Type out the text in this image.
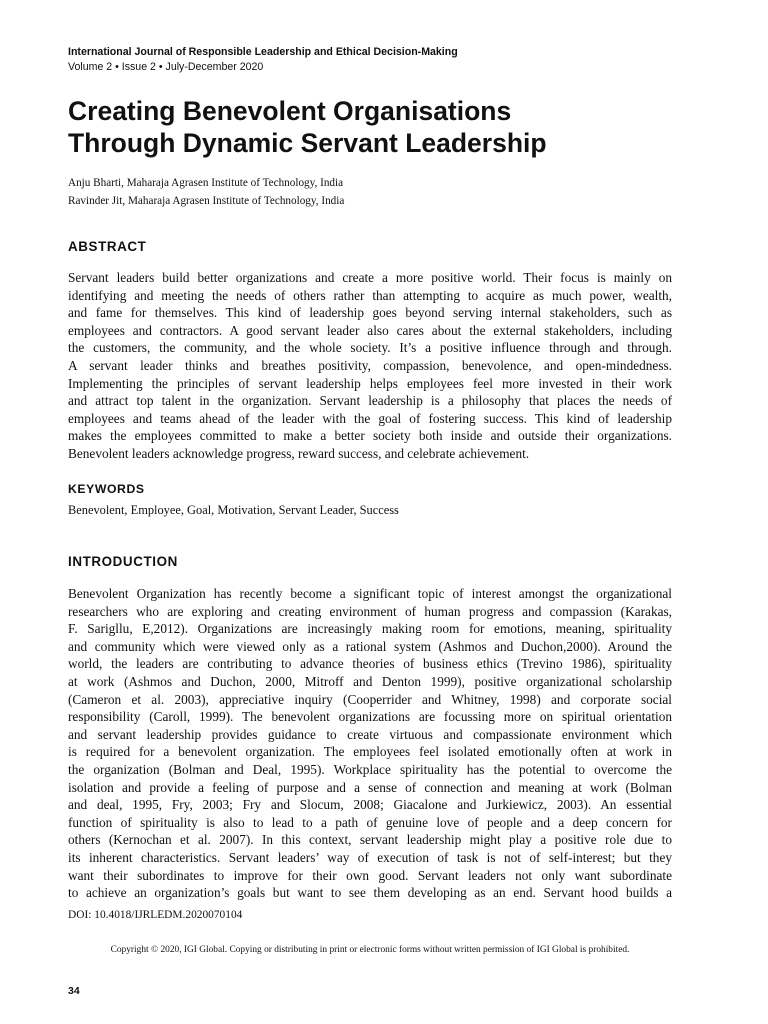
International Journal of Responsible Leadership and Ethical Decision-Making
Volume 2 • Issue 2 • July-December 2020
Creating Benevolent Organisations
Through Dynamic Servant Leadership
Anju Bharti, Maharaja Agrasen Institute of Technology, India
Ravinder Jit, Maharaja Agrasen Institute of Technology, India
ABSTRACT
Servant leaders build better organizations and create a more positive world. Their focus is mainly on
identifying and meeting the needs of others rather than attempting to acquire as much power, wealth,
and fame for themselves. This kind of leadership goes beyond serving internal stakeholders, such as
employees and contractors. A good servant leader also cares about the external stakeholders, including
the customers, the community, and the whole society. It’s a positive influence through and through.
A servant leader thinks and breathes positivity, compassion, benevolence, and open-mindedness.
Implementing the principles of servant leadership helps employees feel more invested in their work
and attract top talent in the organization. Servant leadership is a philosophy that places the needs of
employees and teams ahead of the leader with the goal of fostering success. This kind of leadership
makes the employees committed to make a better society both inside and outside their organizations.
Benevolent leaders acknowledge progress, reward success, and celebrate achievement.
KEYWORDS
Benevolent, Employee, Goal, Motivation, Servant Leader, Success
INTRODUCTION
Benevolent Organization has recently become a significant topic of interest amongst the organizational
researchers who are exploring and creating environment of human progress and compassion (Karakas,
F. Sarigllu, E,2012). Organizations are increasingly making room for emotions, meaning, spirituality
and community which were viewed only as a rational system (Ashmos and Duchon,2000). Around the
world, the leaders are contributing to advance theories of business ethics (Trevino 1986), spirituality
at work (Ashmos and Duchon, 2000, Mitroff and Denton 1999), positive organizational scholarship
(Cameron et al. 2003), appreciative inquiry (Cooperrider and Whitney, 1998) and corporate social
responsibility (Caroll, 1999). The benevolent organizations are focussing more on spiritual orientation
and servant leadership provides guidance to create virtuous and compassionate environment which
is required for a benevolent organization. The employees feel isolated emotionally often at work in
the organization (Bolman and Deal, 1995). Workplace spirituality has the potential to overcome the
isolation and provide a feeling of purpose and a sense of connection and meaning at work (Bolman
and deal, 1995, Fry, 2003; Fry and Slocum, 2008; Giacalone and Jurkiewicz, 2003). An essential
function of spirituality is also to lead to a path of genuine love of people and a deep concern for
others (Kernochan et al. 2007). In this context, servant leadership might play a positive role due to
its inherent characteristics. Servant leaders’ way of execution of task is not of self-interest; but they
want their subordinates to improve for their own good. Servant leaders not only want subordinate
to achieve an organization’s goals but want to see them developing as an end. Servant hood builds a
DOI: 10.4018/IJRLEDM.2020070104
Copyright © 2020, IGI Global. Copying or distributing in print or electronic forms without written permission of IGI Global is prohibited.
34
